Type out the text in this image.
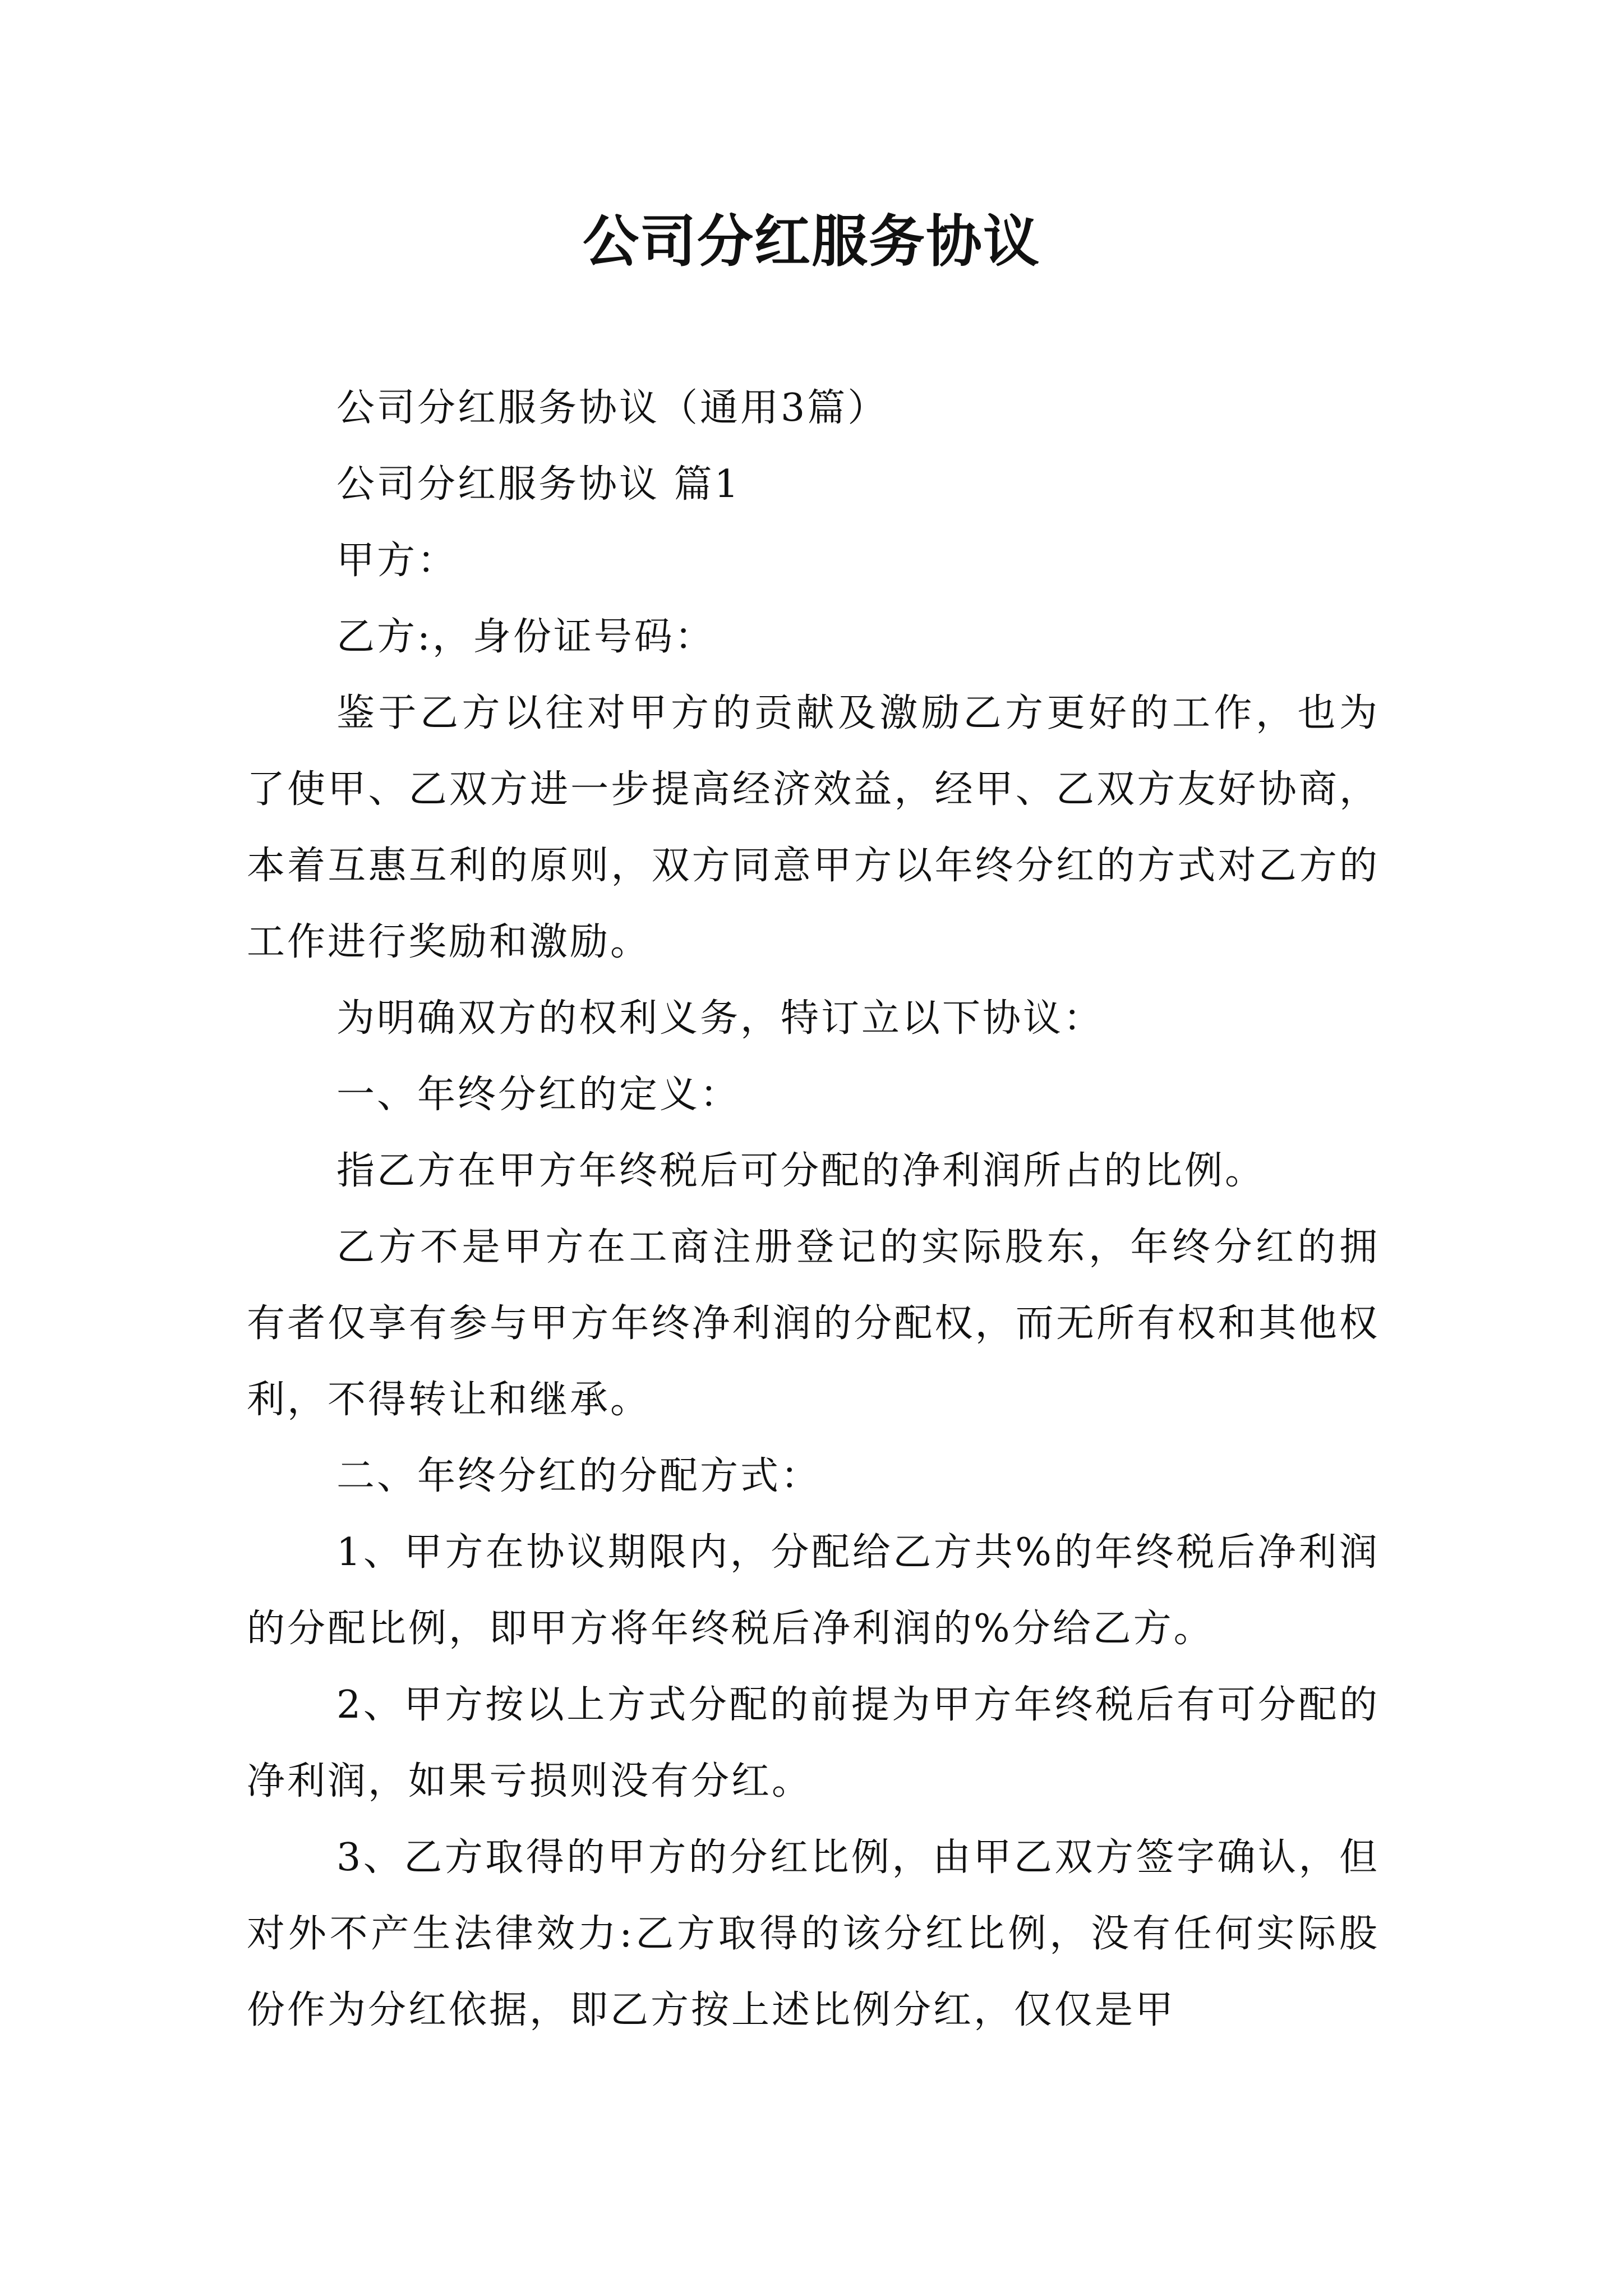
公司分红服务协议

公司分红服务协议（通用3篇）

公司分红服务协议 篇1

甲方：

乙方:，身份证号码：

鉴于乙方以往对甲方的贡献及激励乙方更好的工作，也为了使甲、乙双方进一步提高经济效益，经甲、乙双方友好协商，本着互惠互利的原则，双方同意甲方以年终分红的方式对乙方的工作进行奖励和激励。

为明确双方的权利义务，特订立以下协议：

一、年终分红的定义：

指乙方在甲方年终税后可分配的净利润所占的比例。

乙方不是甲方在工商注册登记的实际股东，年终分红的拥有者仅享有参与甲方年终净利润的分配权，而无所有权和其他权利，不得转让和继承。

二、年终分红的分配方式：

1、甲方在协议期限内，分配给乙方共%的年终税后净利润的分配比例，即甲方将年终税后净利润的%分给乙方。

2、甲方按以上方式分配的前提为甲方年终税后有可分配的净利润，如果亏损则没有分红。

3、乙方取得的甲方的分红比例，由甲乙双方签字确认，但对外不产生法律效力:乙方取得的该分红比例，没有任何实际股份作为分红依据，即乙方按上述比例分红，仅仅是甲
